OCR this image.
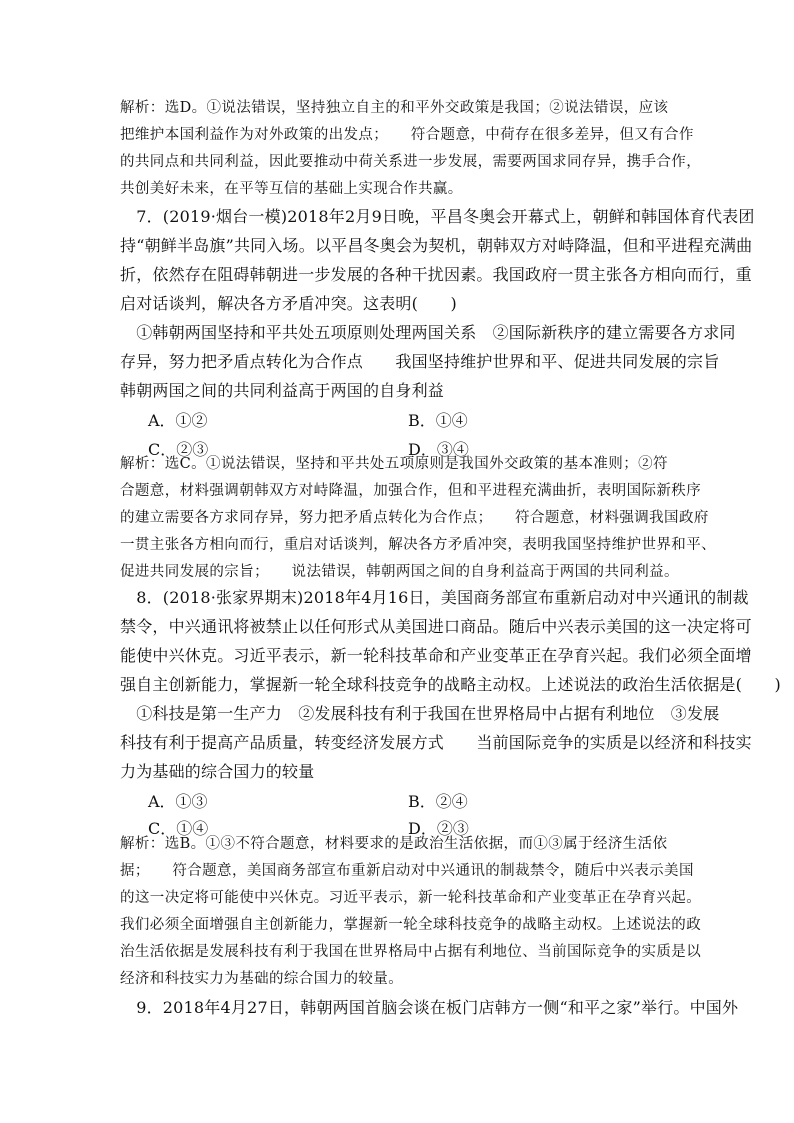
解析：选D。①说法错误，坚持独立自主的和平外交政策是我国；②说法错误，应该
把维护本国利益作为对外政策的出发点；　　符合题意，中荷存在很多差异，但又有合作
的共同点和共同利益，因此要推动中荷关系进一步发展，需要两国求同存异，携手合作，
共创美好未来，在平等互信的基础上实现合作共赢。
　7．(2019·烟台一模)2018年2月9日晚，平昌冬奥会开幕式上，朝鲜和韩国体育代表团
持“朝鲜半岛旗”共同入场。以平昌冬奥会为契机，朝韩双方对峙降温，但和平进程充满曲
折，依然存在阻碍韩朝进一步发展的各种干扰因素。我国政府一贯主张各方相向而行，重
启对话谈判，解决各方矛盾冲突。这表明(　　)
　①韩朝两国坚持和平共处五项原则处理两国关系　②国际新秩序的建立需要各方求同
存异，努力把矛盾点转化为合作点　　我国坚持维护世界和平、促进共同发展的宗旨
韩朝两国之间的共同利益高于两国的自身利益
A．①②	B．①④
C．②③	D．③④
解析：选C。①说法错误，坚持和平共处五项原则是我国外交政策的基本准则；②符
合题意，材料强调朝韩双方对峙降温，加强合作，但和平进程充满曲折，表明国际新秩序
的建立需要各方求同存异，努力把矛盾点转化为合作点；　　符合题意，材料强调我国政府
一贯主张各方相向而行，重启对话谈判，解决各方矛盾冲突，表明我国坚持维护世界和平、
促进共同发展的宗旨；　　说法错误，韩朝两国之间的自身利益高于两国的共同利益。
　8．(2018·张家界期末)2018年4月16日，美国商务部宣布重新启动对中兴通讯的制裁
禁令，中兴通讯将被禁止以任何形式从美国进口商品。随后中兴表示美国的这一决定将可
能使中兴休克。习近平表示，新一轮科技革命和产业变革正在孕育兴起。我们必须全面增
强自主创新能力，掌握新一轮全球科技竞争的战略主动权。上述说法的政治生活依据是(　　)
　①科技是第一生产力　②发展科技有利于我国在世界格局中占据有利地位　③发展
科技有利于提高产品质量，转变经济发展方式　　当前国际竞争的实质是以经济和科技实
力为基础的综合国力的较量
A．①③	B．②④
C．①④	D．②③
解析：选B。①③不符合题意，材料要求的是政治生活依据，而①③属于经济生活依
据；　　符合题意，美国商务部宣布重新启动对中兴通讯的制裁禁令，随后中兴表示美国
的这一决定将可能使中兴休克。习近平表示，新一轮科技革命和产业变革正在孕育兴起。
我们必须全面增强自主创新能力，掌握新一轮全球科技竞争的战略主动权。上述说法的政
治生活依据是发展科技有利于我国在世界格局中占据有利地位、当前国际竞争的实质是以
经济和科技实力为基础的综合国力的较量。
　9．2018年4月27日，韩朝两国首脑会谈在板门店韩方一侧“和平之家”举行。中国外
